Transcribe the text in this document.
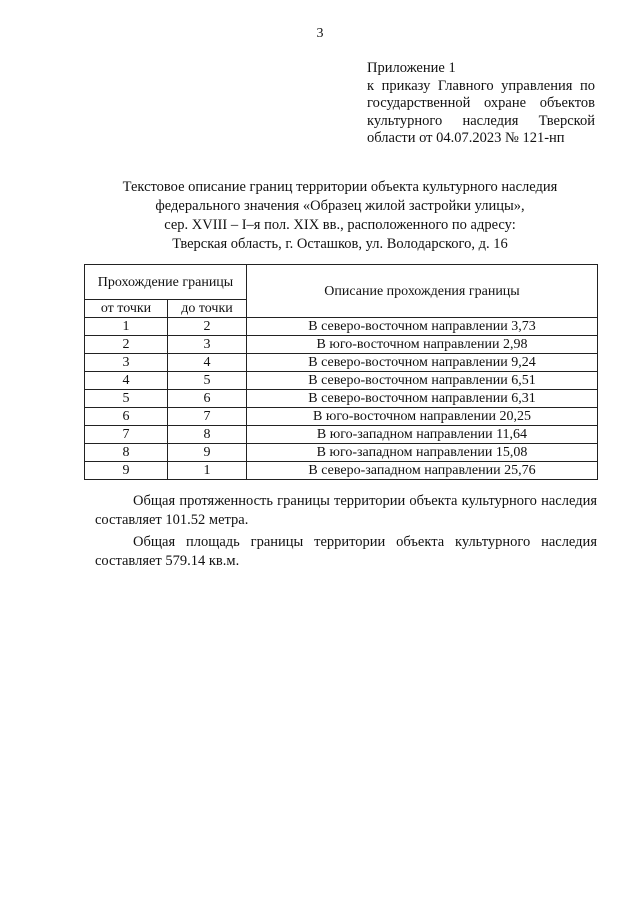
3
Приложение 1
к приказу Главного управления по
государственной охране объектов
культурного наследия Тверской
области от 04.07.2023 № 121-нп
Текстовое описание границ территории объекта культурного наследия
федерального значения «Образец жилой застройки улицы»,
сер. XVIII – I–я пол. XIX вв., расположенного по адресу:
Тверская область, г. Осташков, ул. Володарского, д. 16
Прохождение границы		Описание прохождения границы
от точки	до точки	
1	2	В северо-восточном направлении 3,73
2	3	В юго-восточном направлении 2,98
3	4	В северо-восточном направлении 9,24
4	5	В северо-восточном направлении 6,51
5	6	В северо-восточном направлении 6,31
6	7	В юго-восточном направлении 20,25
7	8	В юго-западном направлении 11,64
8	9	В юго-западном направлении 15,08
9	1	В северо-западном направлении 25,76

Общая протяженность границы территории объекта культурного наследия составляет 101.52 метра.

Общая площадь границы территории объекта культурного наследия составляет 579.14 кв.м.
